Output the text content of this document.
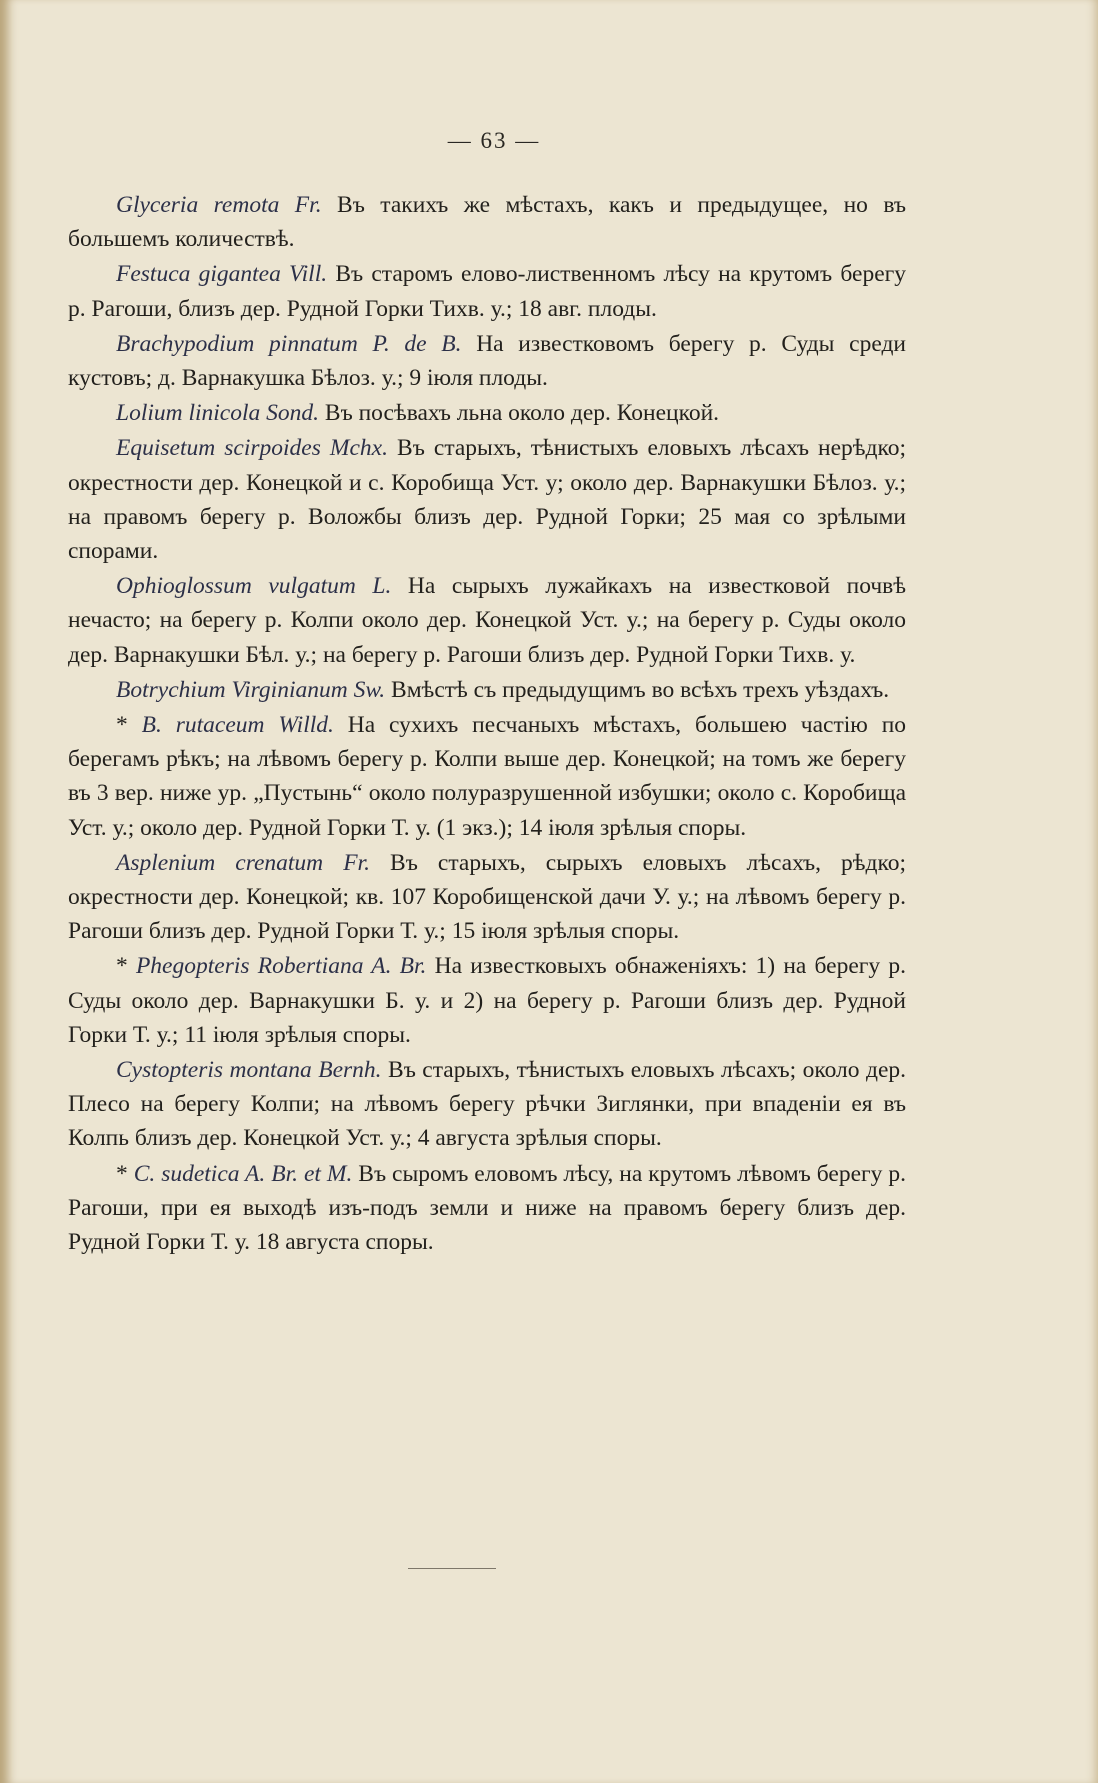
— 63 —

Glyceria remota Fr. Въ такихъ же мѣстахъ, какъ и предыдущее, но въ большемъ количествѣ.

Festuca gigantea Vill. Въ старомъ елово-лиственномъ лѣсу на крутомъ берегу р. Рагоши, близъ дер. Рудной Горки Тихв. у.; 18 авг. плоды.

Brachypodium pinnatum P. de B. На известковомъ берегу р. Суды среди кустовъ; д. Варнакушка Бѣлоз. у.; 9 іюля плоды.

Lolium linicola Sond. Въ посѣвахъ льна около дер. Конецкой.

Equisetum scirpoides Mchx. Въ старыхъ, тѣнистыхъ еловыхъ лѣсахъ нерѣдко; окрестности дер. Конецкой и с. Коробища Уст. у; около дер. Варнакушки Бѣлоз. у.; на правомъ берегу р. Воложбы близъ дер. Рудной Горки; 25 мая со зрѣлыми спорами.

Ophioglossum vulgatum L. На сырыхъ лужайкахъ на известковой почвѣ нечасто; на берегу р. Колпи около дер. Конецкой Уст. у.; на берегу р. Суды около дер. Варнакушки Бѣл. у.; на берегу р. Рагоши близъ дер. Рудной Горки Тихв. у.

Botrychium Virginianum Sw. Вмѣстѣ съ предыдущимъ во всѣхъ трехъ уѣздахъ.

* B. rutaceum Willd. На сухихъ песчаныхъ мѣстахъ, большею частію по берегамъ рѣкъ; на лѣвомъ берегу р. Колпи выше дер. Конецкой; на томъ же берегу въ 3 вер. ниже ур. „Пустынь“ около полуразрушенной избушки; около с. Коробища Уст. у.; около дер. Рудной Горки Т. у. (1 экз.); 14 іюля зрѣлыя споры.

Asplenium crenatum Fr. Въ старыхъ, сырыхъ еловыхъ лѣсахъ, рѣдко; окрестности дер. Конецкой; кв. 107 Коробищенской дачи У. у.; на лѣвомъ берегу р. Рагоши близъ дер. Рудной Горки Т. у.; 15 іюля зрѣлыя споры.

* Phegopteris Robertiana A. Br. На известковыхъ обнаженіяхъ: 1) на берегу р. Суды около дер. Варнакушки Б. у. и 2) на берегу р. Рагоши близъ дер. Рудной Горки Т. у.; 11 іюля зрѣлыя споры.

Cystopteris montana Bernh. Въ старыхъ, тѣнистыхъ еловыхъ лѣсахъ; около дер. Плесо на берегу Колпи; на лѣвомъ берегу рѣчки Зиглянки, при впаденіи ея въ Колпь близъ дер. Конецкой Уст. у.; 4 августа зрѣлыя споры.

* C. sudetica A. Br. et M. Въ сыромъ еловомъ лѣсу, на крутомъ лѣвомъ берегу р. Рагоши, при ея выходѣ изъ-подъ земли и ниже на правомъ берегу близъ дер. Рудной Горки Т. у. 18 августа споры.
